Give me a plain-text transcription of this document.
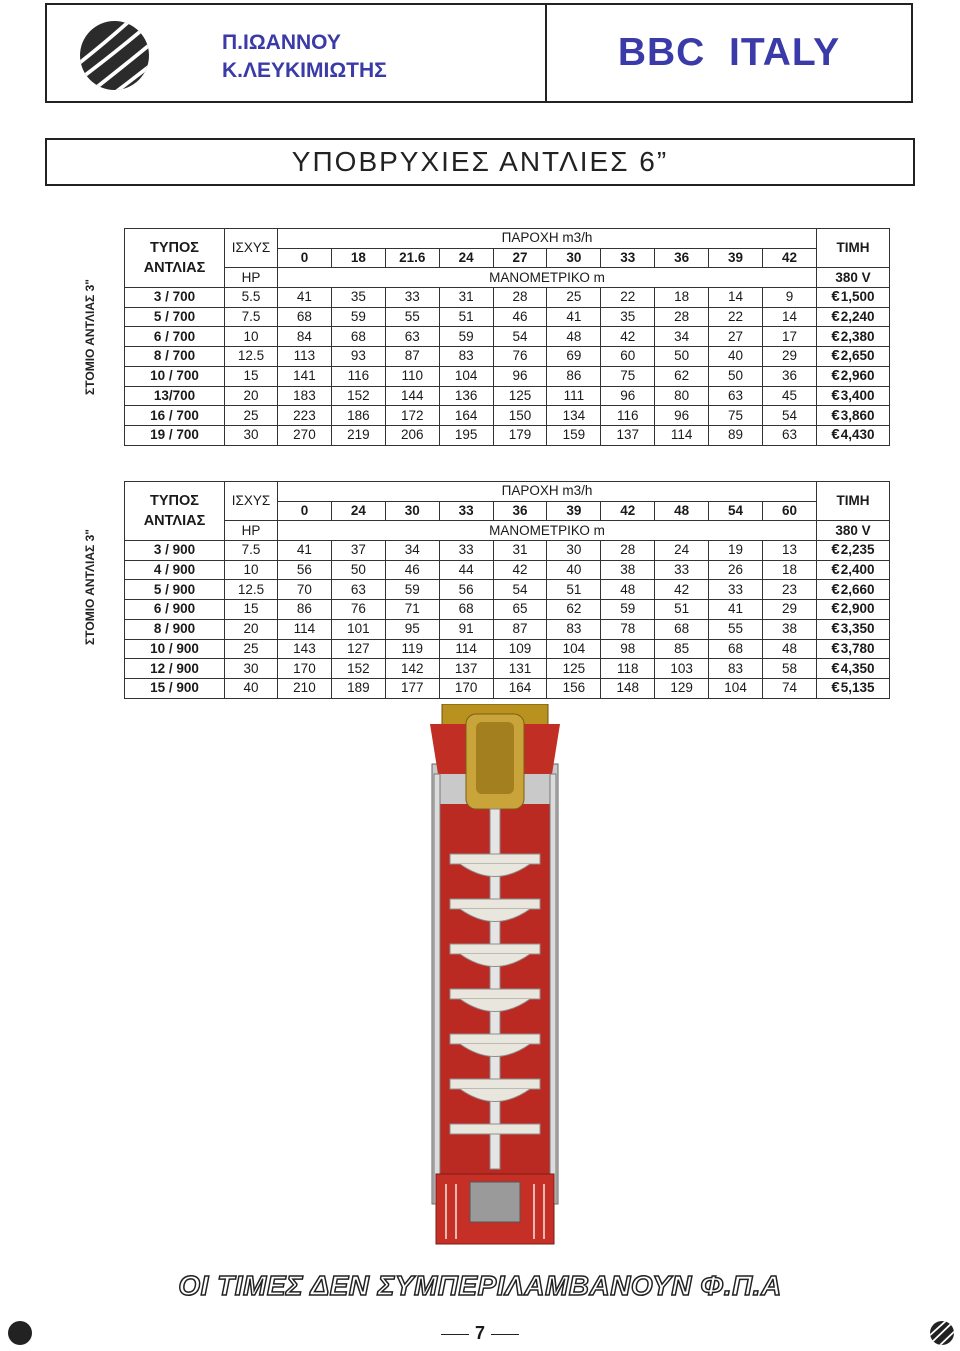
Π.ΙΩΑΝΝΟΥ
Κ.ΛΕΥΚΙΜΙΩΤΗΣ	BBC  ITALY
ΥΠΟΒΡΥΧΙΕΣ ΑΝΤΛΙΕΣ 6”
ΣΤΟΜΙΟ ΑΝΤΛΙΑΣ 3"
ΤΥΠΟΣ ΑΝΤΛΙΑΣ	ΙΣΧΥΣ	ΠΑΡΟΧΗ m3/h										ΤΙΜΗ
		0	18	21.6	24	27	30	33	36	39	42	
	HP	ΜΑΝΟΜΕΤΡΙΚΟ m										380 V
3 / 700	5.5	41	35	33	31	28	25	22	18	14	9	€1,500
5 / 700	7.5	68	59	55	51	46	41	35	28	22	14	€2,240
6 / 700	10	84	68	63	59	54	48	42	34	27	17	€2,380
8 / 700	12.5	113	93	87	83	76	69	60	50	40	29	€2,650
10 / 700	15	141	116	110	104	96	86	75	62	50	36	€2,960
13/700	20	183	152	144	136	125	111	96	80	63	45	€3,400
16 / 700	25	223	186	172	164	150	134	116	96	75	54	€3,860
19 / 700	30	270	219	206	195	179	159	137	114	89	63	€4,430
ΣΤΟΜΙΟ ΑΝΤΛΙΑΣ 3"
ΤΥΠΟΣ ΑΝΤΛΙΑΣ	ΙΣΧΥΣ	ΠΑΡΟΧΗ m3/h										ΤΙΜΗ
		0	24	30	33	36	39	42	48	54	60	
	HP	ΜΑΝΟΜΕΤΡΙΚΟ m										380 V
3 / 900	7.5	41	37	34	33	31	30	28	24	19	13	€2,235
4 / 900	10	56	50	46	44	42	40	38	33	26	18	€2,400
5 / 900	12.5	70	63	59	56	54	51	48	42	33	23	€2,660
6 / 900	15	86	76	71	68	65	62	59	51	41	29	€2,900
8 / 900	20	114	101	95	91	87	83	78	68	55	38	€3,350
10 / 900	25	143	127	119	114	109	104	98	85	68	48	€3,780
12 / 900	30	170	152	142	137	131	125	118	103	83	58	€4,350
15 / 900	40	210	189	177	170	164	156	148	129	104	74	€5,135
ΟΙ ΤΙΜΕΣ ΔΕΝ ΣΥΜΠΕΡΙΛΑΜΒΑΝΟΥΝ Φ.Π.Α
7
